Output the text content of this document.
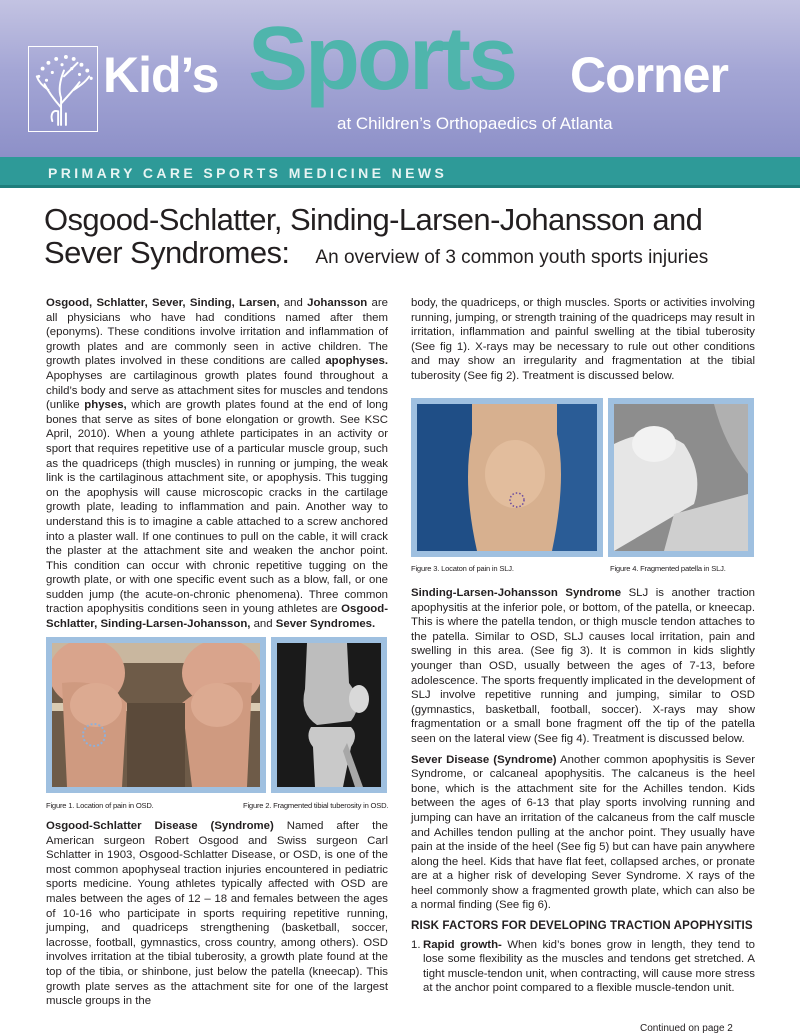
Kid’s Sports Corner
at Children’s Orthopaedics of Atlanta
PRIMARY CARE SPORTS MEDICINE NEWS
Osgood-Schlatter, Sinding-Larsen-Johansson and Sever Syndromes: An overview of 3 common youth sports injuries

Osgood, Schlatter, Sever, Sinding, Larsen, and Johansson are all physicians who have had conditions named after them (eponyms). These conditions involve irritation and inflammation of growth plates and are commonly seen in active children. The growth plates involved in these conditions are called apophyses. Apophyses are cartilaginous growth plates found throughout a child’s body and serve as attachment sites for muscles and tendons (unlike physes, which are growth plates found at the end of long bones that serve as sites of bone elongation or growth. See KSC April, 2010). When a young athlete participates in an activity or sport that requires repetitive use of a particular muscle group, such as the quadriceps (thigh muscles) in running or jumping, the weak link is the cartilaginous attachment site, or apophysis. This tugging on the apophysis will cause microscopic cracks in the cartilage growth plate, leading to inflammation and pain. Another way to understand this is to imagine a cable attached to a screw anchored into a plaster wall. If one continues to pull on the cable, it will crack the plaster at the attachment site and weaken the anchor point. This condition can occur with chronic repetitive tugging on the growth plate, or with one specific event such as a blow, fall, or one sudden jump (the acute-on-chronic phenomena). Three common traction apophysitis conditions seen in young athletes are Osgood-Schlatter, Sinding-Larsen-Johansson, and Sever Syndromes.

Figure 1. Location of pain in OSD.	Figure 2. Fragmented tibial tuberosity in OSD.

Osgood-Schlatter Disease (Syndrome) Named after the American surgeon Robert Osgood and Swiss surgeon Carl Schlatter in 1903, Osgood-Schlatter Disease, or OSD, is one of the most common apophyseal traction injuries encountered in pediatric sports medicine. Young athletes typically affected with OSD are males between the ages of 12 – 18 and females between the ages of 10-16 who participate in sports requiring repetitive running, jumping, and quadriceps strengthening (basketball, soccer, lacrosse, football, gymnastics, cross country, among others). OSD involves irritation at the tibial tuberosity, a growth plate found at the top of the tibia, or shinbone, just below the patella (kneecap). This growth plate serves as the attachment site for one of the largest muscle groups in the

body, the quadriceps, or thigh muscles. Sports or activities involving running, jumping, or strength training of the quadriceps may result in irritation, inflammation and painful swelling at the tibial tuberosity (See fig 1). X-rays may be necessary to rule out other conditions and may show an irregularity and fragmentation at the tibial tuberosity (See fig 2). Treatment is discussed below.

Figure 3. Locaton of pain in SLJ.	Figure 4. Fragmented patella in SLJ.

Sinding-Larsen-Johansson Syndrome SLJ is another traction apophysitis at the inferior pole, or bottom, of the patella, or kneecap. This is where the patella tendon, or thigh muscle tendon attaches to the patella. Similar to OSD, SLJ causes local irritation, pain and swelling in this area. (See fig 3). It is common in kids slightly younger than OSD, usually between the ages of 7-13, before adolescence. The sports frequently implicated in the development of SLJ involve repetitive running and jumping, similar to OSD (gymnastics, basketball, football, soccer). X-rays may show fragmentation or a small bone fragment off the tip of the patella seen on the lateral view (See fig 4). Treatment is discussed below.

Sever Disease (Syndrome) Another common apophysitis is Sever Syndrome, or calcaneal apophysitis. The calcaneus is the heel bone, which is the attachment site for the Achilles tendon. Kids between the ages of 6-13 that play sports involving running and jumping can have an irritation of the calcaneus from the calf muscle and Achilles tendon pulling at the anchor point. They usually have pain at the inside of the heel (See fig 5) but can have pain anywhere along the heel. Kids that have flat feet, collapsed arches, or pronate are at a higher risk of developing Sever Syndrome. X rays of the heel commonly show a fragmented growth plate, which can also be a normal finding (See fig 6).

RISK FACTORS FOR DEVELOPING TRACTION APOPHYSITIS
1. Rapid growth- When kid’s bones grow in length, they tend to lose some flexibility as the muscles and tendons get stretched. A tight muscle-tendon unit, when contracting, will cause more stress at the anchor point compared to a flexible muscle-tendon unit.
Continued on page 2
